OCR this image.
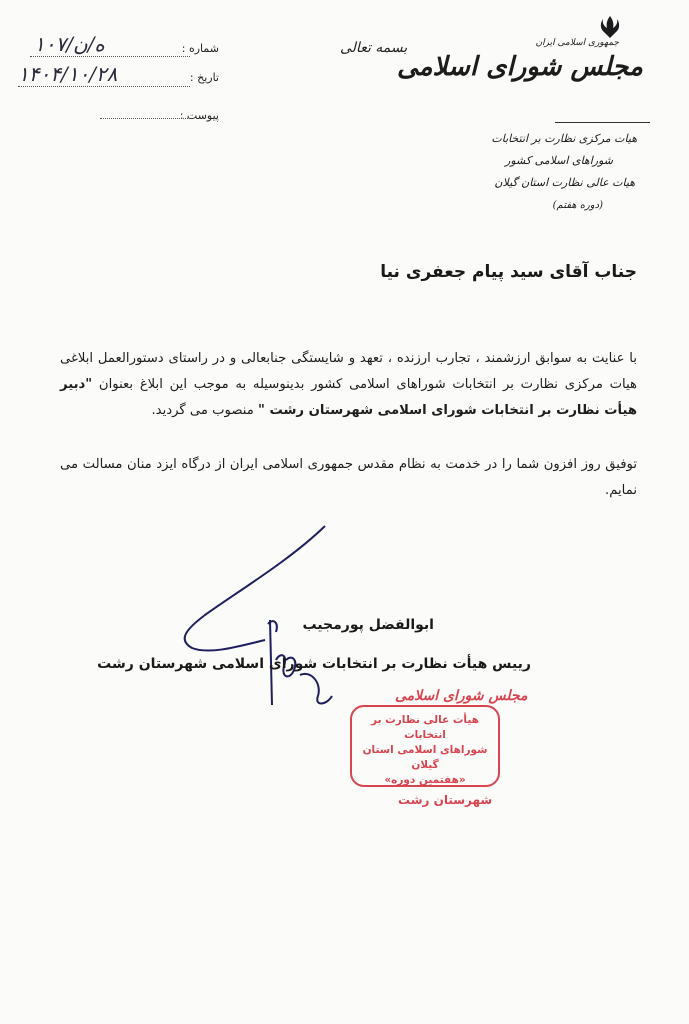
شماره :
ه/ن/۱۰۷
تاریخ :
۱۴۰۴/۱۰/۲۸
پیوست :
بسمه تعالی	جمهوری اسلامی ایران
مجلس شورای اسلامی
هیات مرکزی نظارت بر انتخابات
شوراهای اسلامی کشور
هیات عالی نظارت استان گیلان
(دوره هفتم)
جناب آقای سید پیام جعفری نیا
با عنایت به سوابق ارزشمند ، تجارب ارزنده ، تعهد و شایستگی جنابعالی و در راستای دستورالعمل ابلاغی هیات مرکزی نظارت بر انتخابات شوراهای اسلامی کشور بدینوسیله به موجب این ابلاغ بعنوان "دبیر هیأت نظارت بر انتخابات شورای اسلامی شهرستان رشت " منصوب می گردید.
توفیق روز افزون شما را در خدمت به نظام مقدس جمهوری اسلامی ایران از درگاه ایزد منان مسالت می نمایم.
ابوالفضل پورمجیب
رییس هیأت نظارت بر انتخابات شورای اسلامی شهرستان رشت
مجلس شورای اسلامی
هیأت عالی نظارت بر انتخابات
شوراهای اسلامی استان گیلان
«هفتمین دوره»
شهرستان رشت
